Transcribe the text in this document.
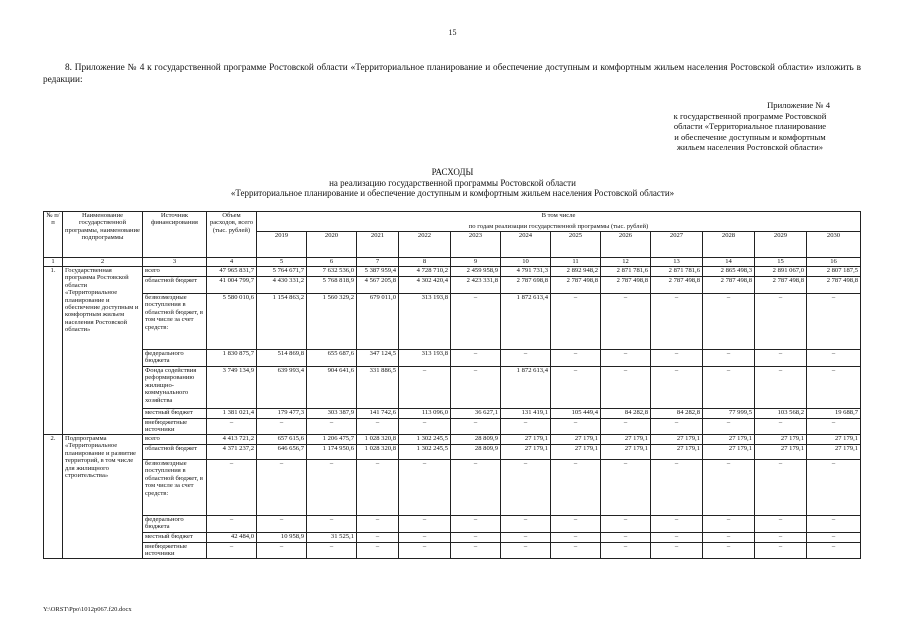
15
8. Приложение № 4 к государственной программе Ростовской области «Территориальное планирование и обеспечение доступным и комфортным жильем населения Ростовской области» изложить в редакции:
Приложение № 4
к государственной программе Ростовской
области «Территориальное планирование
и обеспечение доступным и комфортным
жильем населения Ростовской области»
РАСХОДЫ
на реализацию государственной программы Ростовской области
«Территориальное планирование и обеспечение доступным и комфортным жильем населения Ростовской области»
№ п/п	Наименование государственной программы, наименование подпрограммы	Источник финансирования	Объем расходов, всего (тыс. рублей)	В том числе											
				по годам реализации государственной программы (тыс. рублей)											
				2019	2020	2021	2022	2023	2024	2025	2026	2027	2028	2029	2030
1	2	3	4	5	6	7	8	9	10	11	12	13	14	15	16
1.	Государственная программа Ростовской области «Территориальное планирование и обеспечение доступным и комфортным жильем населения Ростовской области»	всего	47 965 831,7	5 764 671,7	7 632 536,0	5 387 959,4	4 728 710,2	2 459 958,9	4 791 731,3	2 892 948,2	2 871 781,6	2 871 781,6	2 865 498,3	2 891 067,0	2 807 187,5
		областной бюджет	41 004 799,7	4 430 331,2	5 768 818,9	4 567 205,8	4 302 420,4	2 423 331,8	2 787 698,8	2 787 498,8	2 787 498,8	2 787 498,8	2 787 498,8	2 787 498,8	2 787 498,8
		безвозмездные поступления в областной бюджет, в том числе за счет средств:	5 580 010,6	1 154 863,2	1 560 329,2	679 011,0	313 193,8	–	1 872 613,4	–	–	–	–	–	–
		федерального бюджета	1 830 875,7	514 869,8	655 687,6	347 124,5	313 193,8	–	–	–	–	–	–	–	–
		Фонда содействия реформированию жилищно-коммунального хозяйства	3 749 134,9	639 993,4	904 641,6	331 886,5	–	–	1 872 613,4	–	–	–	–	–	–
		местный бюджет	1 381 021,4	179 477,3	303 387,9	141 742,6	113 096,0	36 627,1	131 419,1	105 449,4	84 282,8	84 282,8	77 999,5	103 568,2	19 688,7
		внебюджетные источники	–	–	–	–	–	–	–	–	–	–	–	–	–
2.	Подпрограмма «Территориальное планирование и развитие территорий, в том числе для жилищного строительства»	всего	4 413 721,2	657 615,6	1 206 475,7	1 028 320,8	1 302 245,5	28 809,9	27 179,1	27 179,1	27 179,1	27 179,1	27 179,1	27 179,1	27 179,1
		областной бюджет	4 371 237,2	646 656,7	1 174 950,6	1 028 320,8	1 302 245,5	28 809,9	27 179,1	27 179,1	27 179,1	27 179,1	27 179,1	27 179,1	27 179,1
		безвозмездные поступления в областной бюджет, в том числе за счет средств:	–	–	–	–	–	–	–	–	–	–	–	–	–
		федерального бюджета	–	–	–	–	–	–	–	–	–	–	–	–	–
		местный бюджет	42 484,0	10 958,9	31 525,1	–	–	–	–	–	–	–	–	–	–
		внебюджетные источники	–	–	–	–	–	–	–	–	–	–	–	–	–
Y:\ORST\Ppo\1012p067.f20.docx
